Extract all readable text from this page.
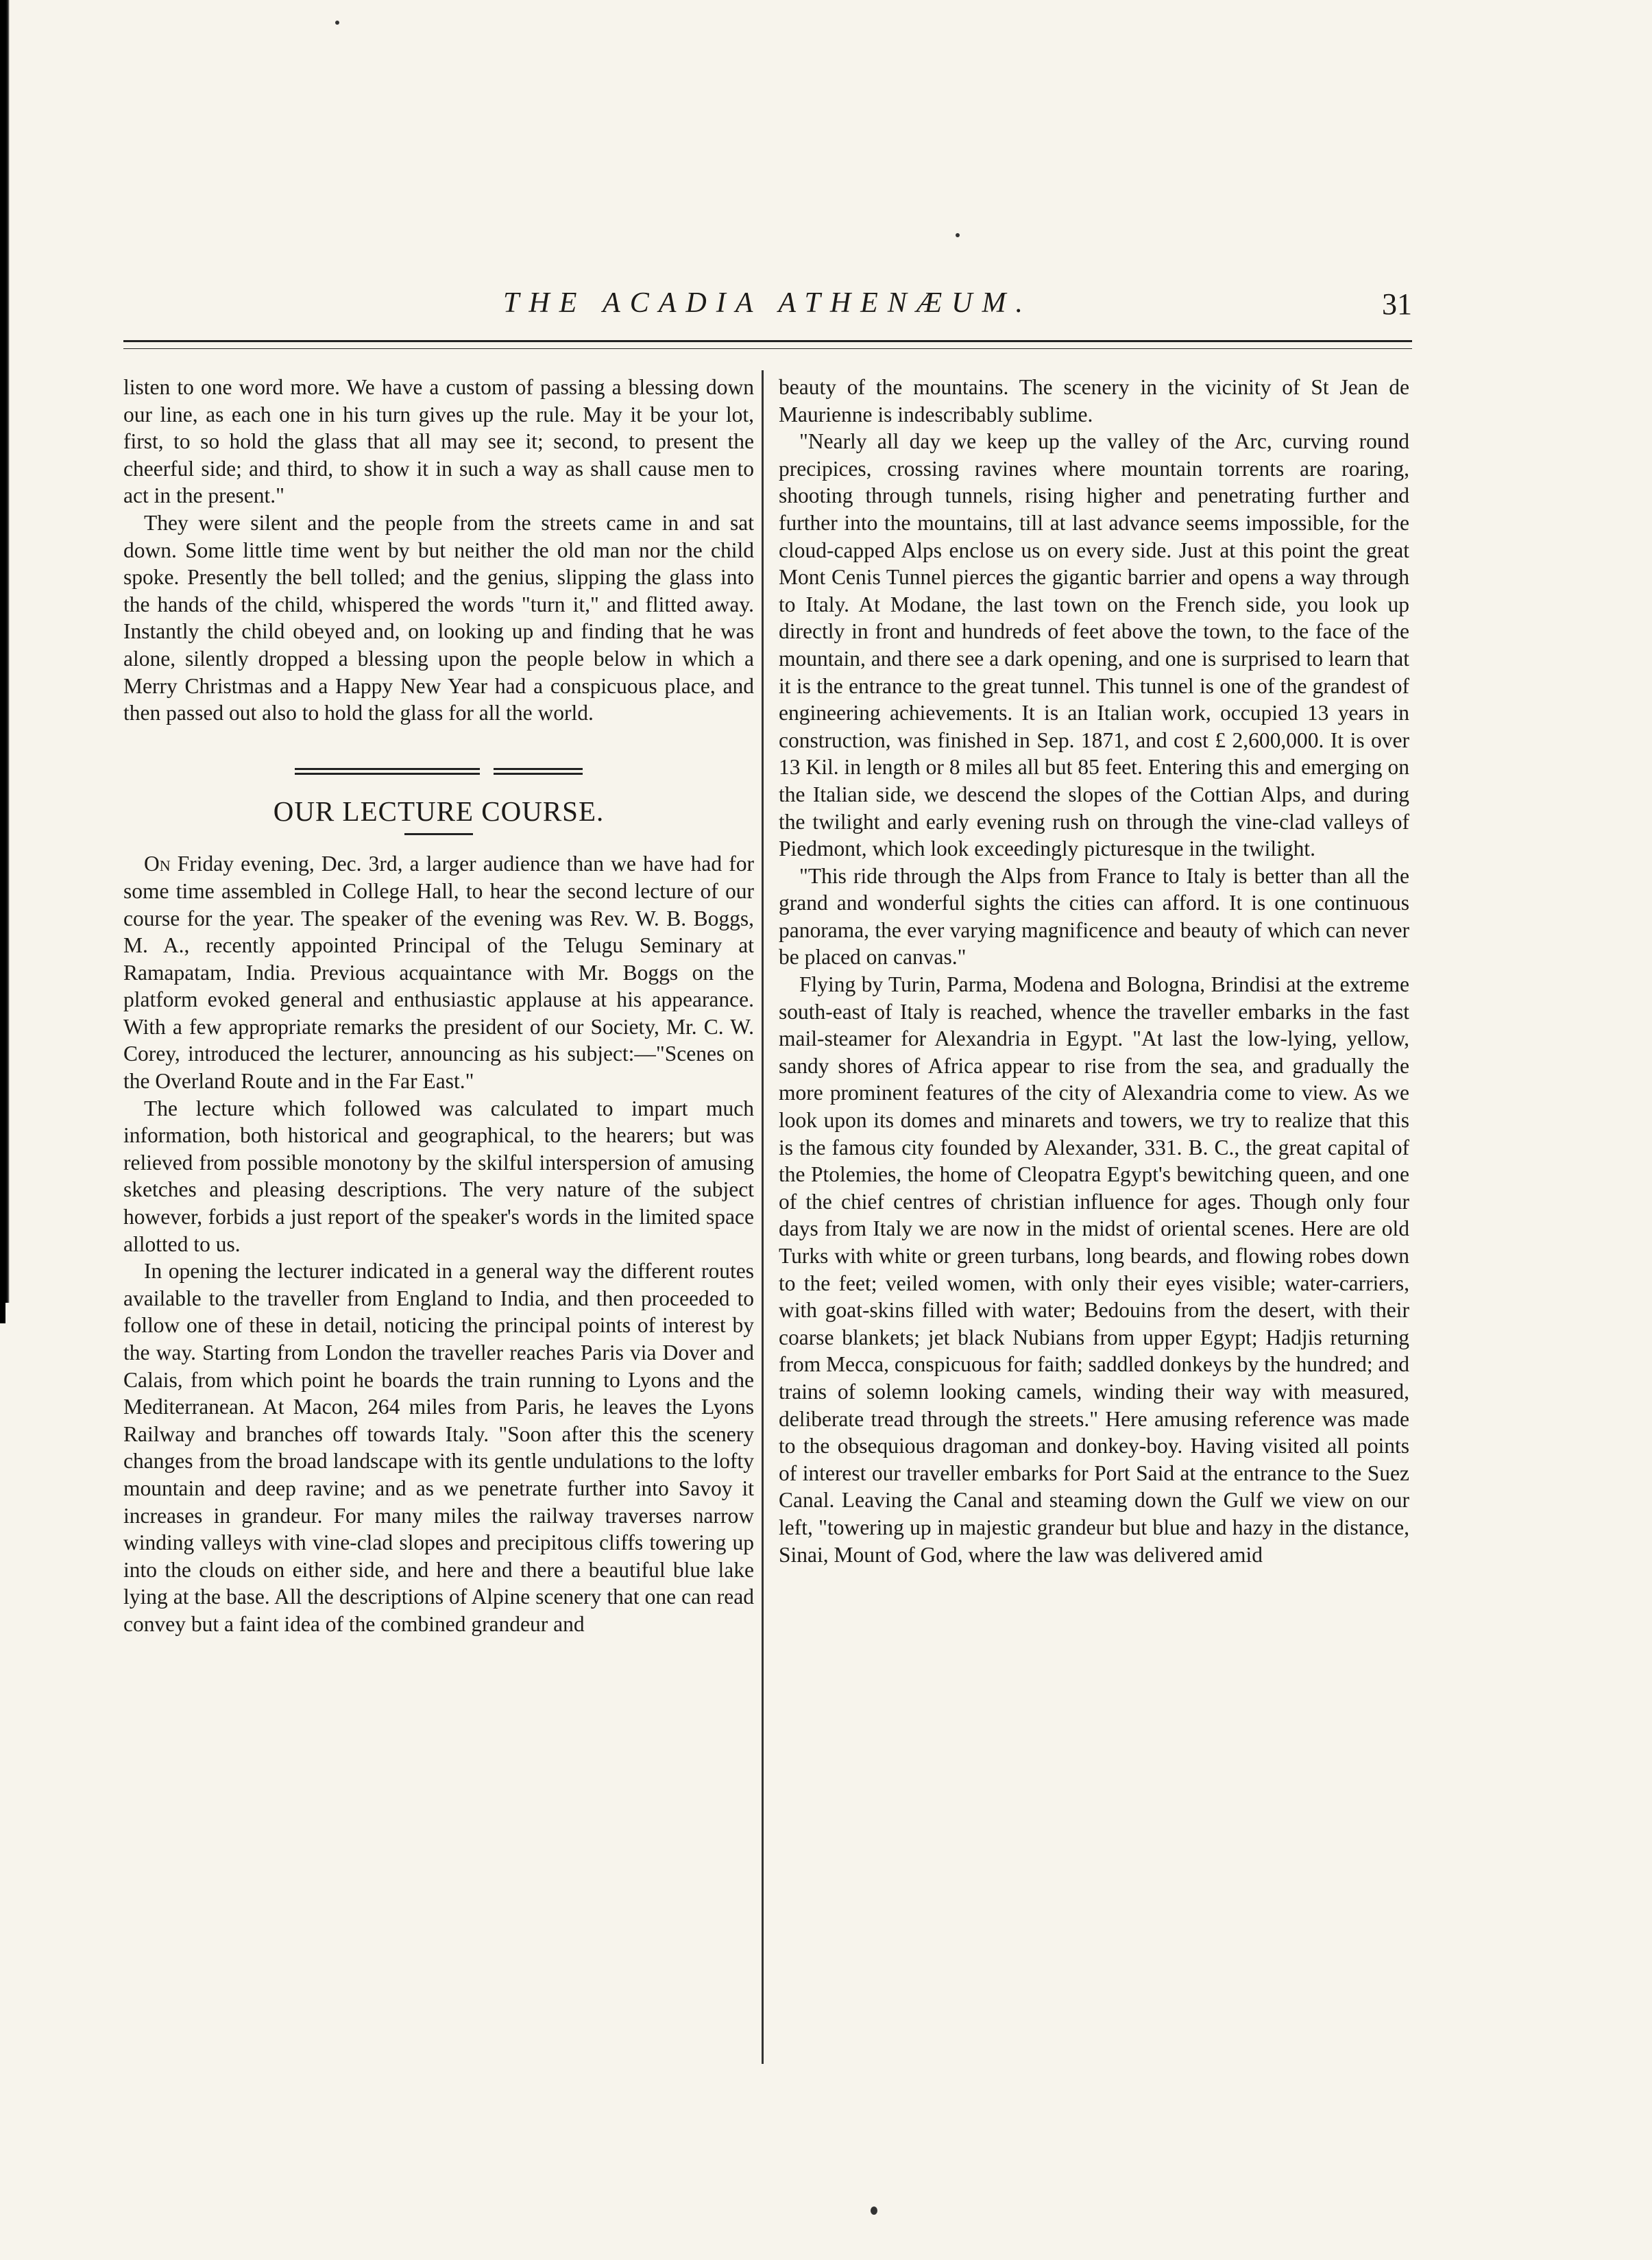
THE ACADIA ATHENÆUM.	31

listen to one word more. We have a custom of passing a blessing down our line, as each one in his turn gives up the rule. May it be your lot, first, to so hold the glass that all may see it; second, to present the cheerful side; and third, to show it in such a way as shall cause men to act in the present."

They were silent and the people from the streets came in and sat down. Some little time went by but neither the old man nor the child spoke. Presently the bell tolled; and the genius, slipping the glass into the hands of the child, whispered the words "turn it," and flitted away. Instantly the child obeyed and, on looking up and finding that he was alone, silently dropped a blessing upon the people below in which a Merry Christmas and a Happy New Year had a conspicuous place, and then passed out also to hold the glass for all the world.

OUR LECTURE COURSE.

On Friday evening, Dec. 3rd, a larger audience than we have had for some time assembled in College Hall, to hear the second lecture of our course for the year. The speaker of the evening was Rev. W. B. Boggs, M. A., recently appointed Principal of the Telugu Seminary at Ramapatam, India. Previous acquaintance with Mr. Boggs on the platform evoked general and enthusiastic applause at his appearance. With a few appropriate remarks the president of our Society, Mr. C. W. Corey, introduced the lecturer, announcing as his subject:—"Scenes on the Overland Route and in the Far East."

The lecture which followed was calculated to impart much information, both historical and geographical, to the hearers; but was relieved from possible monotony by the skilful interspersion of amusing sketches and pleasing descriptions. The very nature of the subject however, forbids a just report of the speaker's words in the limited space allotted to us.

In opening the lecturer indicated in a general way the different routes available to the traveller from England to India, and then proceeded to follow one of these in detail, noticing the principal points of interest by the way. Starting from London the traveller reaches Paris via Dover and Calais, from which point he boards the train running to Lyons and the Mediterranean. At Macon, 264 miles from Paris, he leaves the Lyons Railway and branches off towards Italy. "Soon after this the scenery changes from the broad landscape with its gentle undulations to the lofty mountain and deep ravine; and as we penetrate further into Savoy it increases in grandeur. For many miles the railway traverses narrow winding valleys with vine-clad slopes and precipitous cliffs towering up into the clouds on either side, and here and there a beautiful blue lake lying at the base. All the descriptions of Alpine scenery that one can read convey but a faint idea of the combined grandeur and

beauty of the mountains. The scenery in the vicinity of St Jean de Maurienne is indescribably sublime.

"Nearly all day we keep up the valley of the Arc, curving round precipices, crossing ravines where mountain torrents are roaring, shooting through tunnels, rising higher and penetrating further and further into the mountains, till at last advance seems impossible, for the cloud-capped Alps enclose us on every side. Just at this point the great Mont Cenis Tunnel pierces the gigantic barrier and opens a way through to Italy. At Modane, the last town on the French side, you look up directly in front and hundreds of feet above the town, to the face of the mountain, and there see a dark opening, and one is surprised to learn that it is the entrance to the great tunnel. This tunnel is one of the grandest of engineering achievements. It is an Italian work, occupied 13 years in construction, was finished in Sep. 1871, and cost £ 2,600,000. It is over 13 Kil. in length or 8 miles all but 85 feet. Entering this and emerging on the Italian side, we descend the slopes of the Cottian Alps, and during the twilight and early evening rush on through the vine-clad valleys of Piedmont, which look exceedingly picturesque in the twilight.

"This ride through the Alps from France to Italy is better than all the grand and wonderful sights the cities can afford. It is one continuous panorama, the ever varying magnificence and beauty of which can never be placed on canvas."

Flying by Turin, Parma, Modena and Bologna, Brindisi at the extreme south-east of Italy is reached, whence the traveller embarks in the fast mail-steamer for Alexandria in Egypt. "At last the low-lying, yellow, sandy shores of Africa appear to rise from the sea, and gradually the more prominent features of the city of Alexandria come to view. As we look upon its domes and minarets and towers, we try to realize that this is the famous city founded by Alexander, 331. B. C., the great capital of the Ptolemies, the home of Cleopatra Egypt's bewitching queen, and one of the chief centres of christian influence for ages. Though only four days from Italy we are now in the midst of oriental scenes. Here are old Turks with white or green turbans, long beards, and flowing robes down to the feet; veiled women, with only their eyes visible; water-carriers, with goat-skins filled with water; Bedouins from the desert, with their coarse blankets; jet black Nubians from upper Egypt; Hadjis returning from Mecca, conspicuous for faith; saddled donkeys by the hundred; and trains of solemn looking camels, winding their way with measured, deliberate tread through the streets." Here amusing reference was made to the obsequious dragoman and donkey-boy. Having visited all points of interest our traveller embarks for Port Said at the entrance to the Suez Canal. Leaving the Canal and steaming down the Gulf we view on our left, "towering up in majestic grandeur but blue and hazy in the distance, Sinai, Mount of God, where the law was delivered amid
